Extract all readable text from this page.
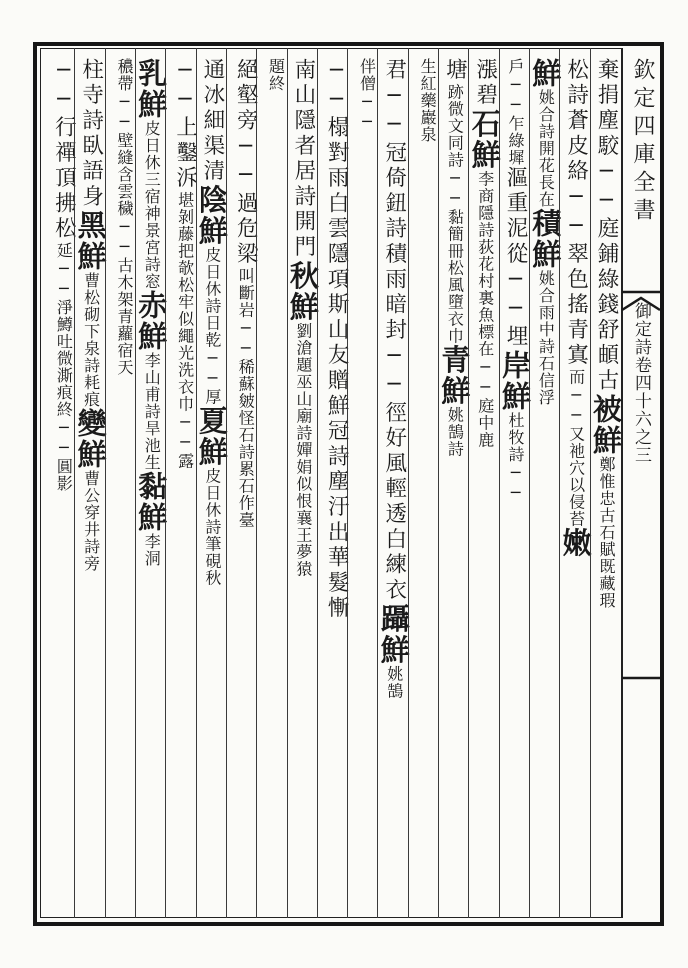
欽定四庫全書
御定詩卷四十六之三
棄捐塵駮──庭鋪綠錢舒頔古被鮮鄭惟忠古石賦既藏瑕
松詩蒼皮絡──翠色搖青寘而──又祂穴以侵苔嫩
鮮姚合詩開花長在積鮮姚合雨中詩石信浮
戶──乍綠墀漚重泥從──埋岸鮮杜牧詩──
漲碧石鮮李商隱詩荻花村裏魚標在──庭中鹿
塘跡微文同詩──黏簡冊松風墮衣巾青鮮姚鵠詩
生紅藥巖泉
君──冠倚鈕詩積雨暗封──徑好風輕透白練衣躡鮮姚鵠
伴僧──
──榻對雨白雲隱項斯山友贈鮮冠詩塵汙出華髮慚
南山隱者居詩開門秋鮮劉滄題巫山廟詩嬋娟似恨襄王夢猿
題終
絕壑旁──過危梁叫斷岩──稀蘇皴怪石詩累石作臺
通冰細渠清陰鮮皮日休詩日乾──厚夏鮮皮日休詩筆硯秋
──上鑿泝堪剝藤把欹松牢似繩光洗衣巾──露
乳鮮皮日休三宿神景宮詩窓赤鮮李山甫詩旱池生黏鮮李洞
穠帶──壁縫含雲穢──古木架青蘿宿天
柱寺詩臥語身黑鮮曹松砌下泉詩耗痕變鮮曹公穿井詩旁
──行禪頂拂松延──淨鱒吐微澌痕終──圓影
